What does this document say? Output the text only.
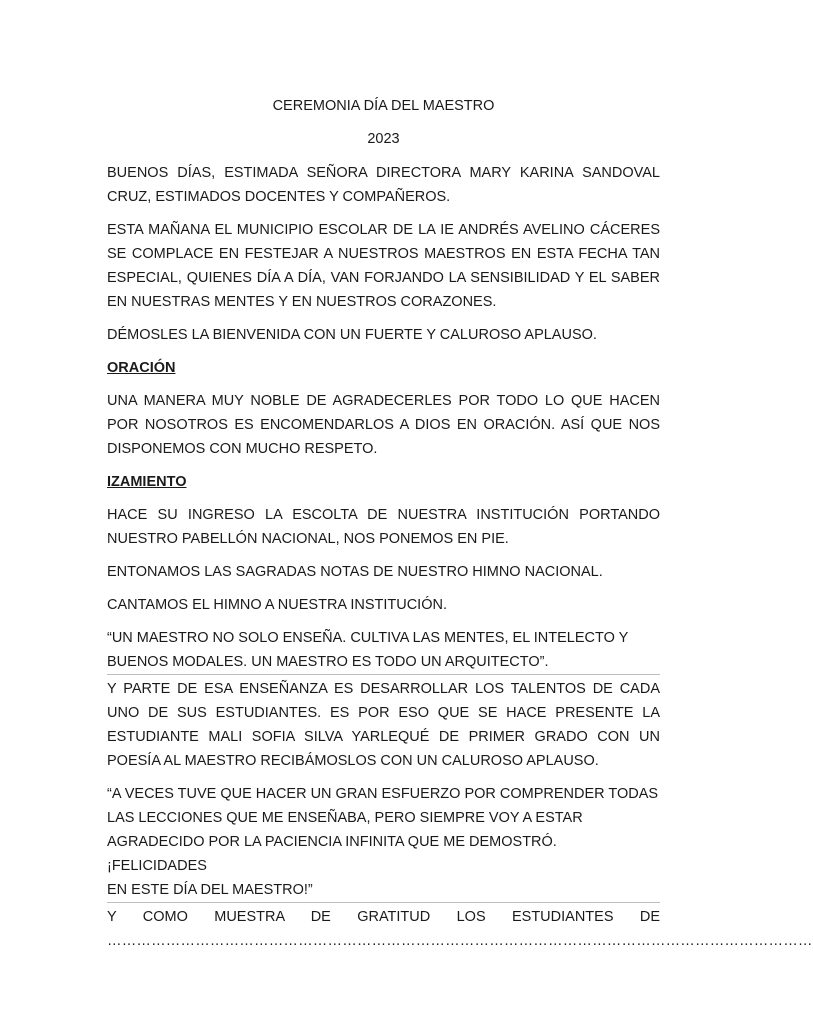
CEREMONIA DÍA DEL MAESTRO

2023

BUENOS DÍAS, ESTIMADA SEÑORA DIRECTORA MARY KARINA SANDOVAL CRUZ, ESTIMADOS DOCENTES Y COMPAÑEROS.

ESTA MAÑANA EL MUNICIPIO ESCOLAR DE LA IE ANDRÉS AVELINO CÁCERES SE COMPLACE EN FESTEJAR A NUESTROS MAESTROS EN ESTA FECHA TAN ESPECIAL, QUIENES DÍA A DÍA, VAN FORJANDO LA SENSIBILIDAD Y EL SABER EN NUESTRAS MENTES Y EN NUESTROS CORAZONES.

DÉMOSLES LA BIENVENIDA CON UN FUERTE Y CALUROSO APLAUSO.

ORACIÓN

UNA MANERA MUY NOBLE DE AGRADECERLES POR TODO LO QUE HACEN POR NOSOTROS ES ENCOMENDARLOS A DIOS EN ORACIÓN. ASÍ QUE NOS DISPONEMOS CON MUCHO RESPETO.

IZAMIENTO

HACE SU INGRESO LA ESCOLTA DE NUESTRA INSTITUCIÓN PORTANDO NUESTRO PABELLÓN NACIONAL, NOS PONEMOS EN PIE.

ENTONAMOS LAS SAGRADAS NOTAS DE NUESTRO HIMNO NACIONAL.

CANTAMOS EL HIMNO A NUESTRA INSTITUCIÓN.

“UN MAESTRO NO SOLO ENSEÑA. CULTIVA LAS MENTES, EL INTELECTO Y
BUENOS MODALES. UN MAESTRO ES TODO UN ARQUITECTO”.

Y PARTE DE ESA ENSEÑANZA ES DESARROLLAR LOS TALENTOS DE CADA UNO DE SUS ESTUDIANTES. ES POR ESO QUE SE HACE PRESENTE LA ESTUDIANTE MALI SOFIA SILVA YARLEQUÉ DE PRIMER GRADO CON UN POESÍA AL MAESTRO RECIBÁMOSLOS CON UN CALUROSO APLAUSO.

“A VECES TUVE QUE HACER UN GRAN ESFUERZO POR COMPRENDER TODAS
LAS LECCIONES QUE ME ENSEÑABA, PERO SIEMPRE VOY A ESTAR
AGRADECIDO POR LA PACIENCIA INFINITA QUE ME DEMOSTRÓ. ¡FELICIDADES
EN ESTE DÍA DEL MAESTRO!”

Y COMO MUESTRA DE GRATITUD LOS ESTUDIANTES DE

………………………………………………………………………………………………………………………………
